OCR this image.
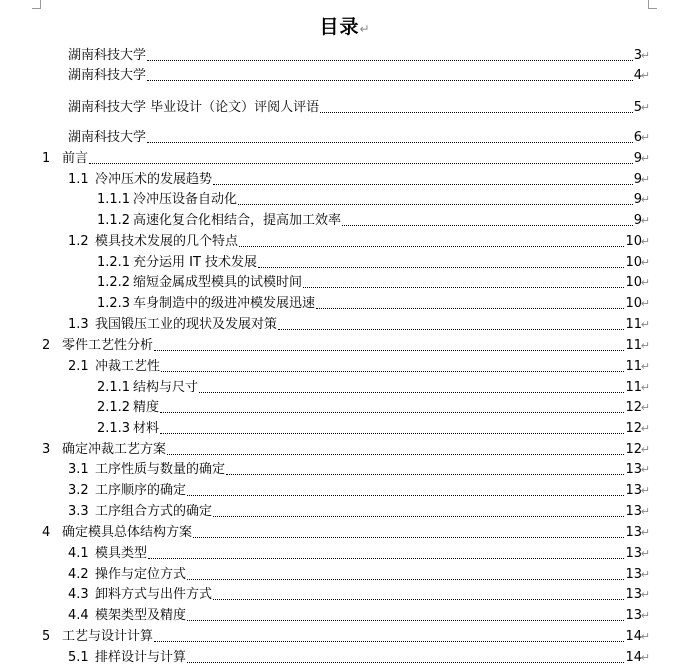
目录↵
湖南科技大学	3
↵
湖南科技大学	4
↵
湖南科技大学 毕业设计（论文）评阅人评语	5
↵
湖南科技大学	6
↵
1 前言	9
↵
1.1 冷冲压术的发展趋势	9
↵
1.1.1 冷冲压设备自动化	9
↵
1.1.2 高速化复合化相结合，提高加工效率	9
↵
1.2 模具技术发展的几个特点	10
↵
1.2.1 充分运用 IT 技术发展	10
↵
1.2.2 缩短金属成型模具的试模时间	10
↵
1.2.3 车身制造中的级进冲模发展迅速	10
↵
1.3 我国锻压工业的现状及发展对策	11
↵
2 零件工艺性分析	11
↵
2.1 冲裁工艺性	11
↵
2.1.1 结构与尺寸	11
↵
2.1.2 精度	12
↵
2.1.3 材料	12
↵
3 确定冲裁工艺方案	12
↵
3.1 工序性质与数量的确定	13
↵
3.2 工序顺序的确定	13
↵
3.3 工序组合方式的确定	13
↵
4 确定模具总体结构方案	13
↵
4.1 模具类型	13
↵
4.2 操作与定位方式	13
↵
4.3 卸料方式与出件方式	13
↵
4.4 模架类型及精度	13
↵
5 工艺与设计计算	14
↵
5.1 排样设计与计算	14
↵
